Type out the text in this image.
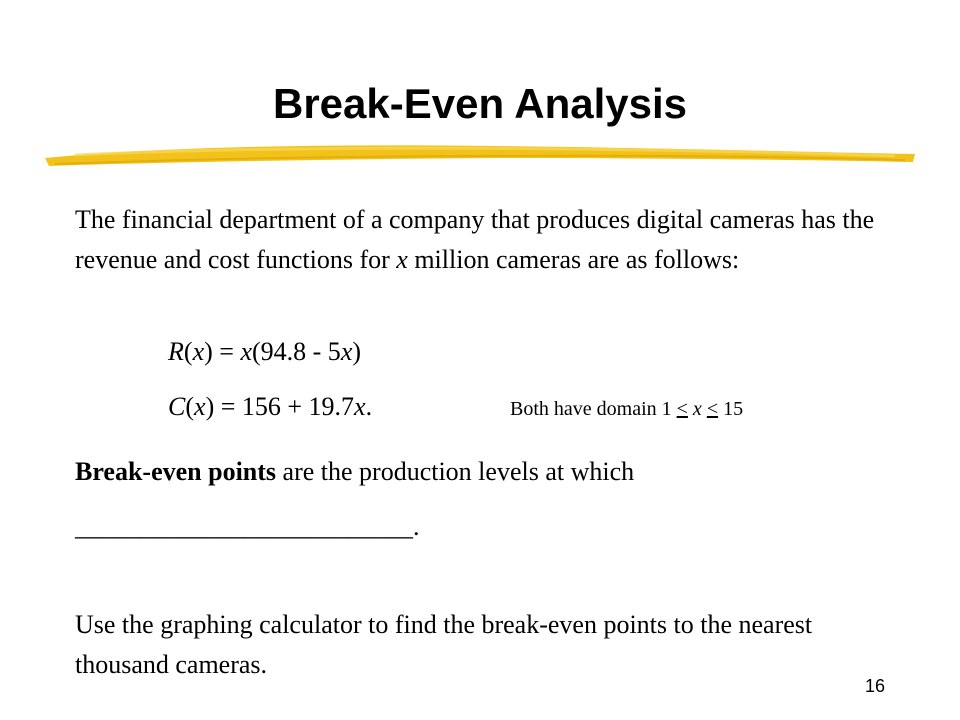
Break-Even Analysis

The financial department of a company that produces digital cameras has the revenue and cost functions for x million cameras are as follows:

R(x) = x(94.8 - 5x)
C(x) = 156 + 19.7x.	Both have domain 1 < x < 15

Break-even points are the production levels at which

__________________________.

Use the graphing calculator to find the break-even points to the nearest thousand cameras.

16
